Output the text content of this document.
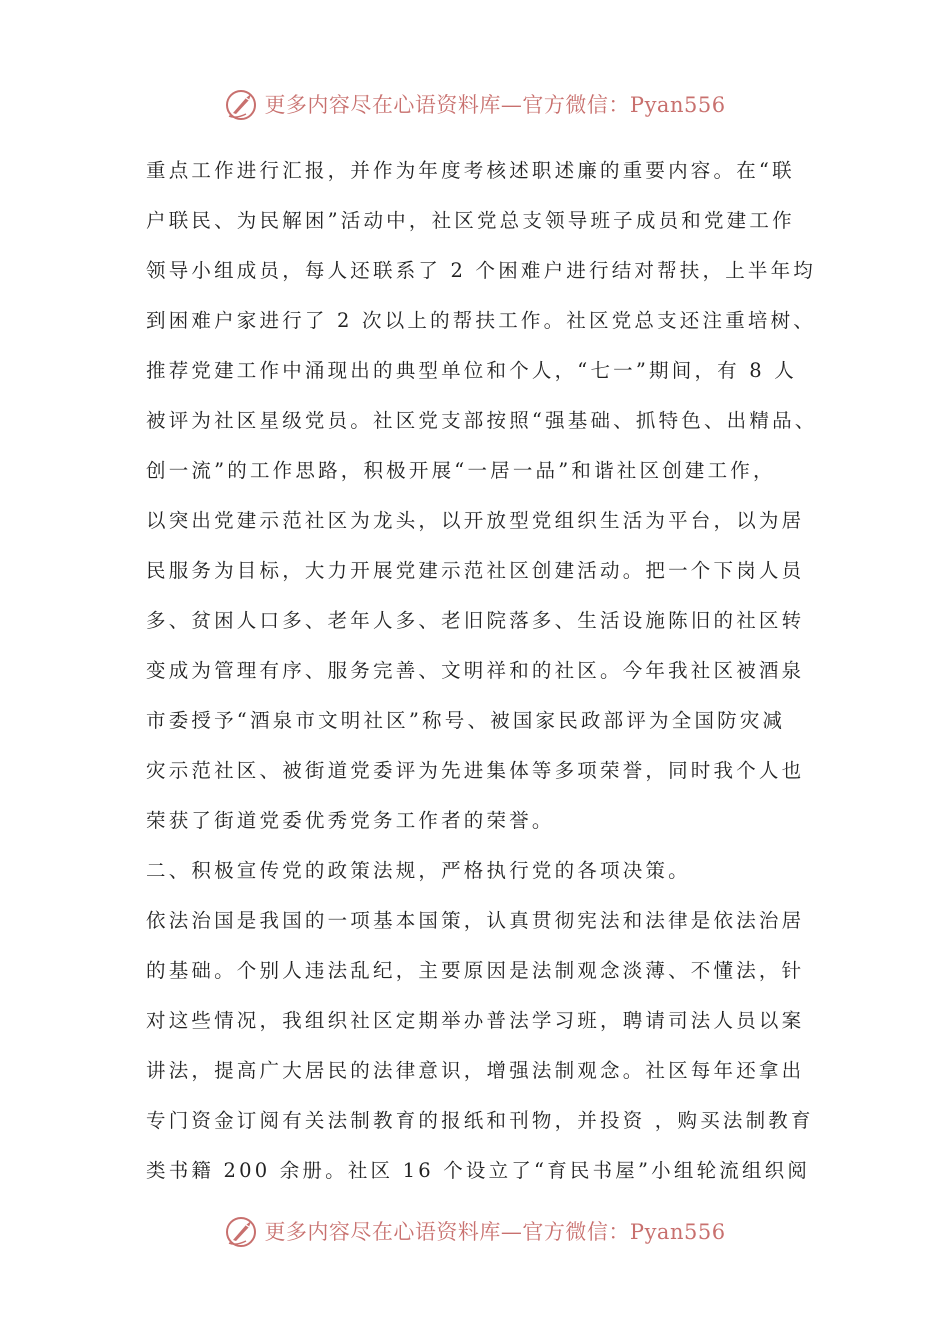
更多内容尽在心语资料库—官方微信：Pyan556
重点工作进行汇报，并作为年度考核述职述廉的重要内容。在“联
户联民、为民解困”活动中，社区党总支领导班子成员和党建工作
领导小组成员，每人还联系了 2 个困难户进行结对帮扶，上半年均
到困难户家进行了 2 次以上的帮扶工作。社区党总支还注重培树、
推荐党建工作中涌现出的典型单位和个人，“七一”期间，有 8 人
被评为社区星级党员。社区党支部按照“强基础、抓特色、出精品、
创一流”的工作思路，积极开展“一居一品”和谐社区创建工作，
以突出党建示范社区为龙头，以开放型党组织生活为平台，以为居
民服务为目标，大力开展党建示范社区创建活动。把一个下岗人员
多、贫困人口多、老年人多、老旧院落多、生活设施陈旧的社区转
变成为管理有序、服务完善、文明祥和的社区。今年我社区被酒泉
市委授予“酒泉市文明社区”称号、被国家民政部评为全国防灾减
灾示范社区、被街道党委评为先进集体等多项荣誉，同时我个人也
荣获了街道党委优秀党务工作者的荣誉。
二、积极宣传党的政策法规，严格执行党的各项决策。
依法治国是我国的一项基本国策，认真贯彻宪法和法律是依法治居
的基础。个别人违法乱纪，主要原因是法制观念淡薄、不懂法，针
对这些情况，我组织社区定期举办普法学习班，聘请司法人员以案
讲法，提高广大居民的法律意识，增强法制观念。社区每年还拿出
专门资金订阅有关法制教育的报纸和刊物，并投资 ，购买法制教育
类书籍 200 余册。社区 16 个设立了“育民书屋”小组轮流组织阅
更多内容尽在心语资料库—官方微信：Pyan556
